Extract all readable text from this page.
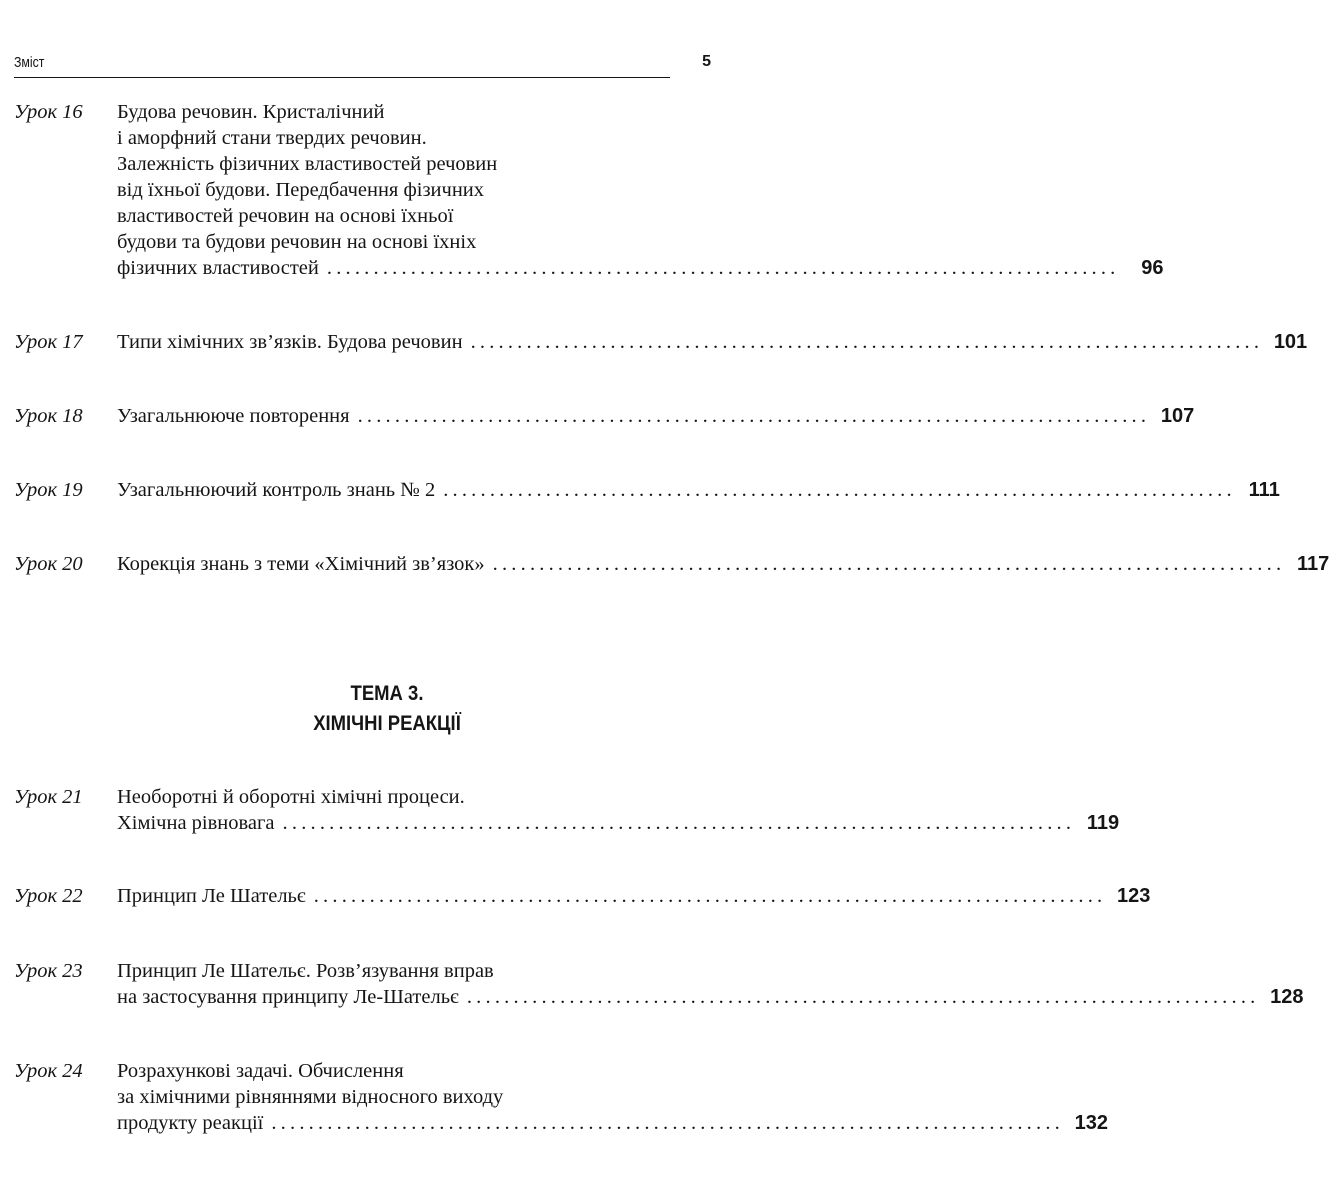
Зміст	5
Урок 16 Будова речовин. Кристалічний
і аморфний стани твердих речовин.
Залежність фізичних властивостей речовин
від їхньої будови. Передбачення фізичних
властивостей речовин на основі їхньої
будови та будови речовин на основі їхніх
фізичних властивостей .....................................................................................	96
Урок 17 Типи хімічних зв’язків. Будова речовин ..................................................................................... 101
Урок 18 Узагальнююче повторення ..................................................................................... 107
Урок 19 Узагальнюючий контроль знань № 2 ..................................................................................... 111
Урок 20 Корекція знань з теми «Хімічний зв’язок» ..................................................................................... 117
ТЕМА 3.
ХІМІЧНІ РЕАКЦІЇ
Урок 21 Необоротні й оборотні хімічні процеси.
Хімічна рівновага ..................................................................................... 119
Урок 22 Принцип Ле Шательє ..................................................................................... 123
Урок 23 Принцип Ле Шательє. Розв’язування вправ
на застосування принципу Ле-Шательє ..................................................................................... 128
Урок 24 Розрахункові задачі. Обчислення
за хімічними рівняннями відносного виходу
продукту реакції ..................................................................................... 132
